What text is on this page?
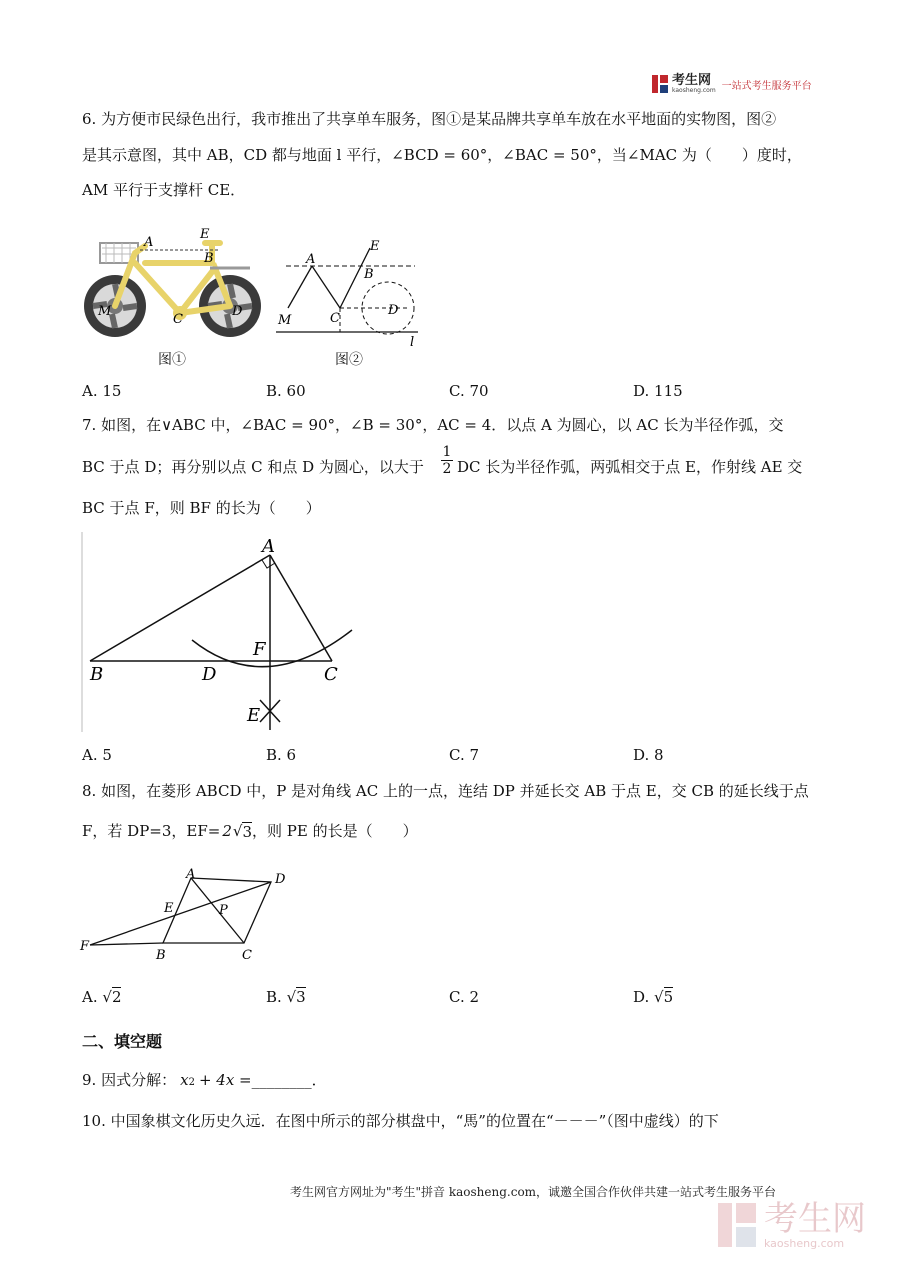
考生网
kaosheng.com 一站式考生服务平台
6. 为方便市民绿色出行，我市推出了共享单车服务，图①是某品牌共享单车放在水平地面的实物图，图②
是其示意图，其中 AB，CD 都与地面 l 平行，∠BCD = 60°，∠BAC = 50°，当∠MAC 为（　　）度时，
AM 平行于支撑杆 CE．
A
E
B
M
C
D
图①
A
E
B
M	C
D
l
图②
A. 15	B. 60	C. 70	D. 115
7. 如图，在∨ABC 中，∠BAC = 90°，∠B = 30°，AC = 4．以点 A 为圆心，以 AC 长为半径作弧，交
BC 于点 D；再分别以点 C 和点 D 为圆心，以大于 $\frac{1}{2}$ DC 长为半径作弧，两弧相交于点 E，作射线 AE 交
BC 于点 F，则 BF 的长为（　　）
A
B	D	C
F
E
A. 5	B. 6	C. 7	D. 8
8. 如图，在菱形 ABCD 中，P 是对角线 AC 上的一点，连结 DP 并延长交 AB 于点 E，交 CB 的延长线于点
F，若 DP=3，EF= 2 √ 3 ，则 PE 的长是（　　）
A	D
E	P
F
B	C
A. √2	B. √3	C. 2	D. √5
二、填空题
9. 因式分解： $x_2 + 4x$ = ________ ．
10. 中国象棋文化历史久远．在图中所示的部分棋盘中，“馬”的位置在“－－－”（图中虚线）的下
考生网官方网址为"考生"拼音 kaosheng.com，诚邀全国合作伙伴共建一站式考生服务平台
考生网
kaosheng.com
